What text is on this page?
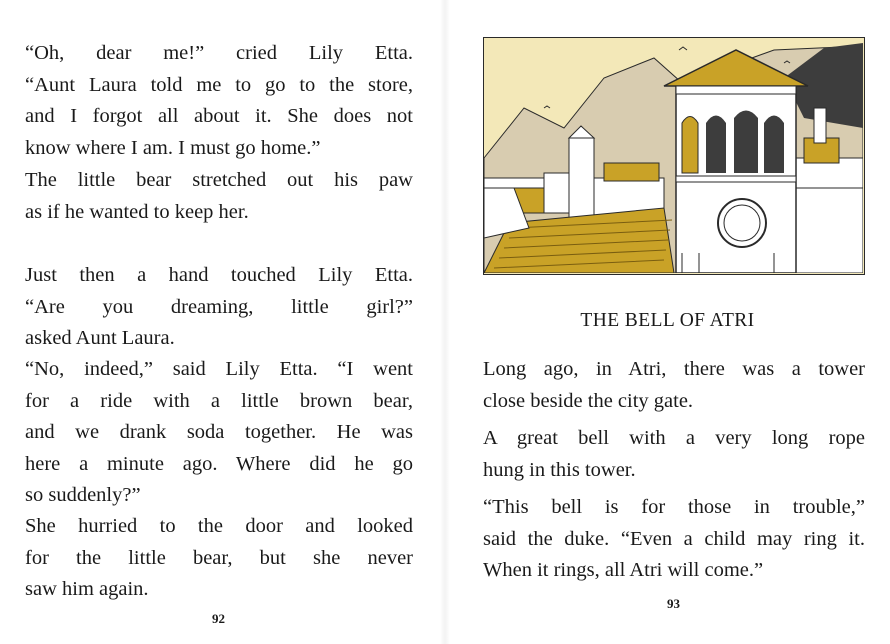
“Oh, dear me!” cried Lily Etta.
“Aunt Laura told me to go to the store,
and I forgot all about it. She does not
know where I am. I must go home.”

The little bear stretched out his paw
as if he wanted to keep her.

Just then a hand touched Lily Etta.
“Are you dreaming, little girl?”
asked Aunt Laura.

“No, indeed,” said Lily Etta. “I went
for a ride with a little brown bear,
and we drank soda together. He was
here a minute ago. Where did he go
so suddenly?”

She hurried to the door and looked
for the little bear, but she never
saw him again.

92
THE BELL OF ATRI

Long ago, in Atri, there was a tower
close beside the city gate.

A great bell with a very long rope
hung in this tower.

“This bell is for those in trouble,”
said the duke. “Even a child may ring it.
When it rings, all Atri will come.”

93
